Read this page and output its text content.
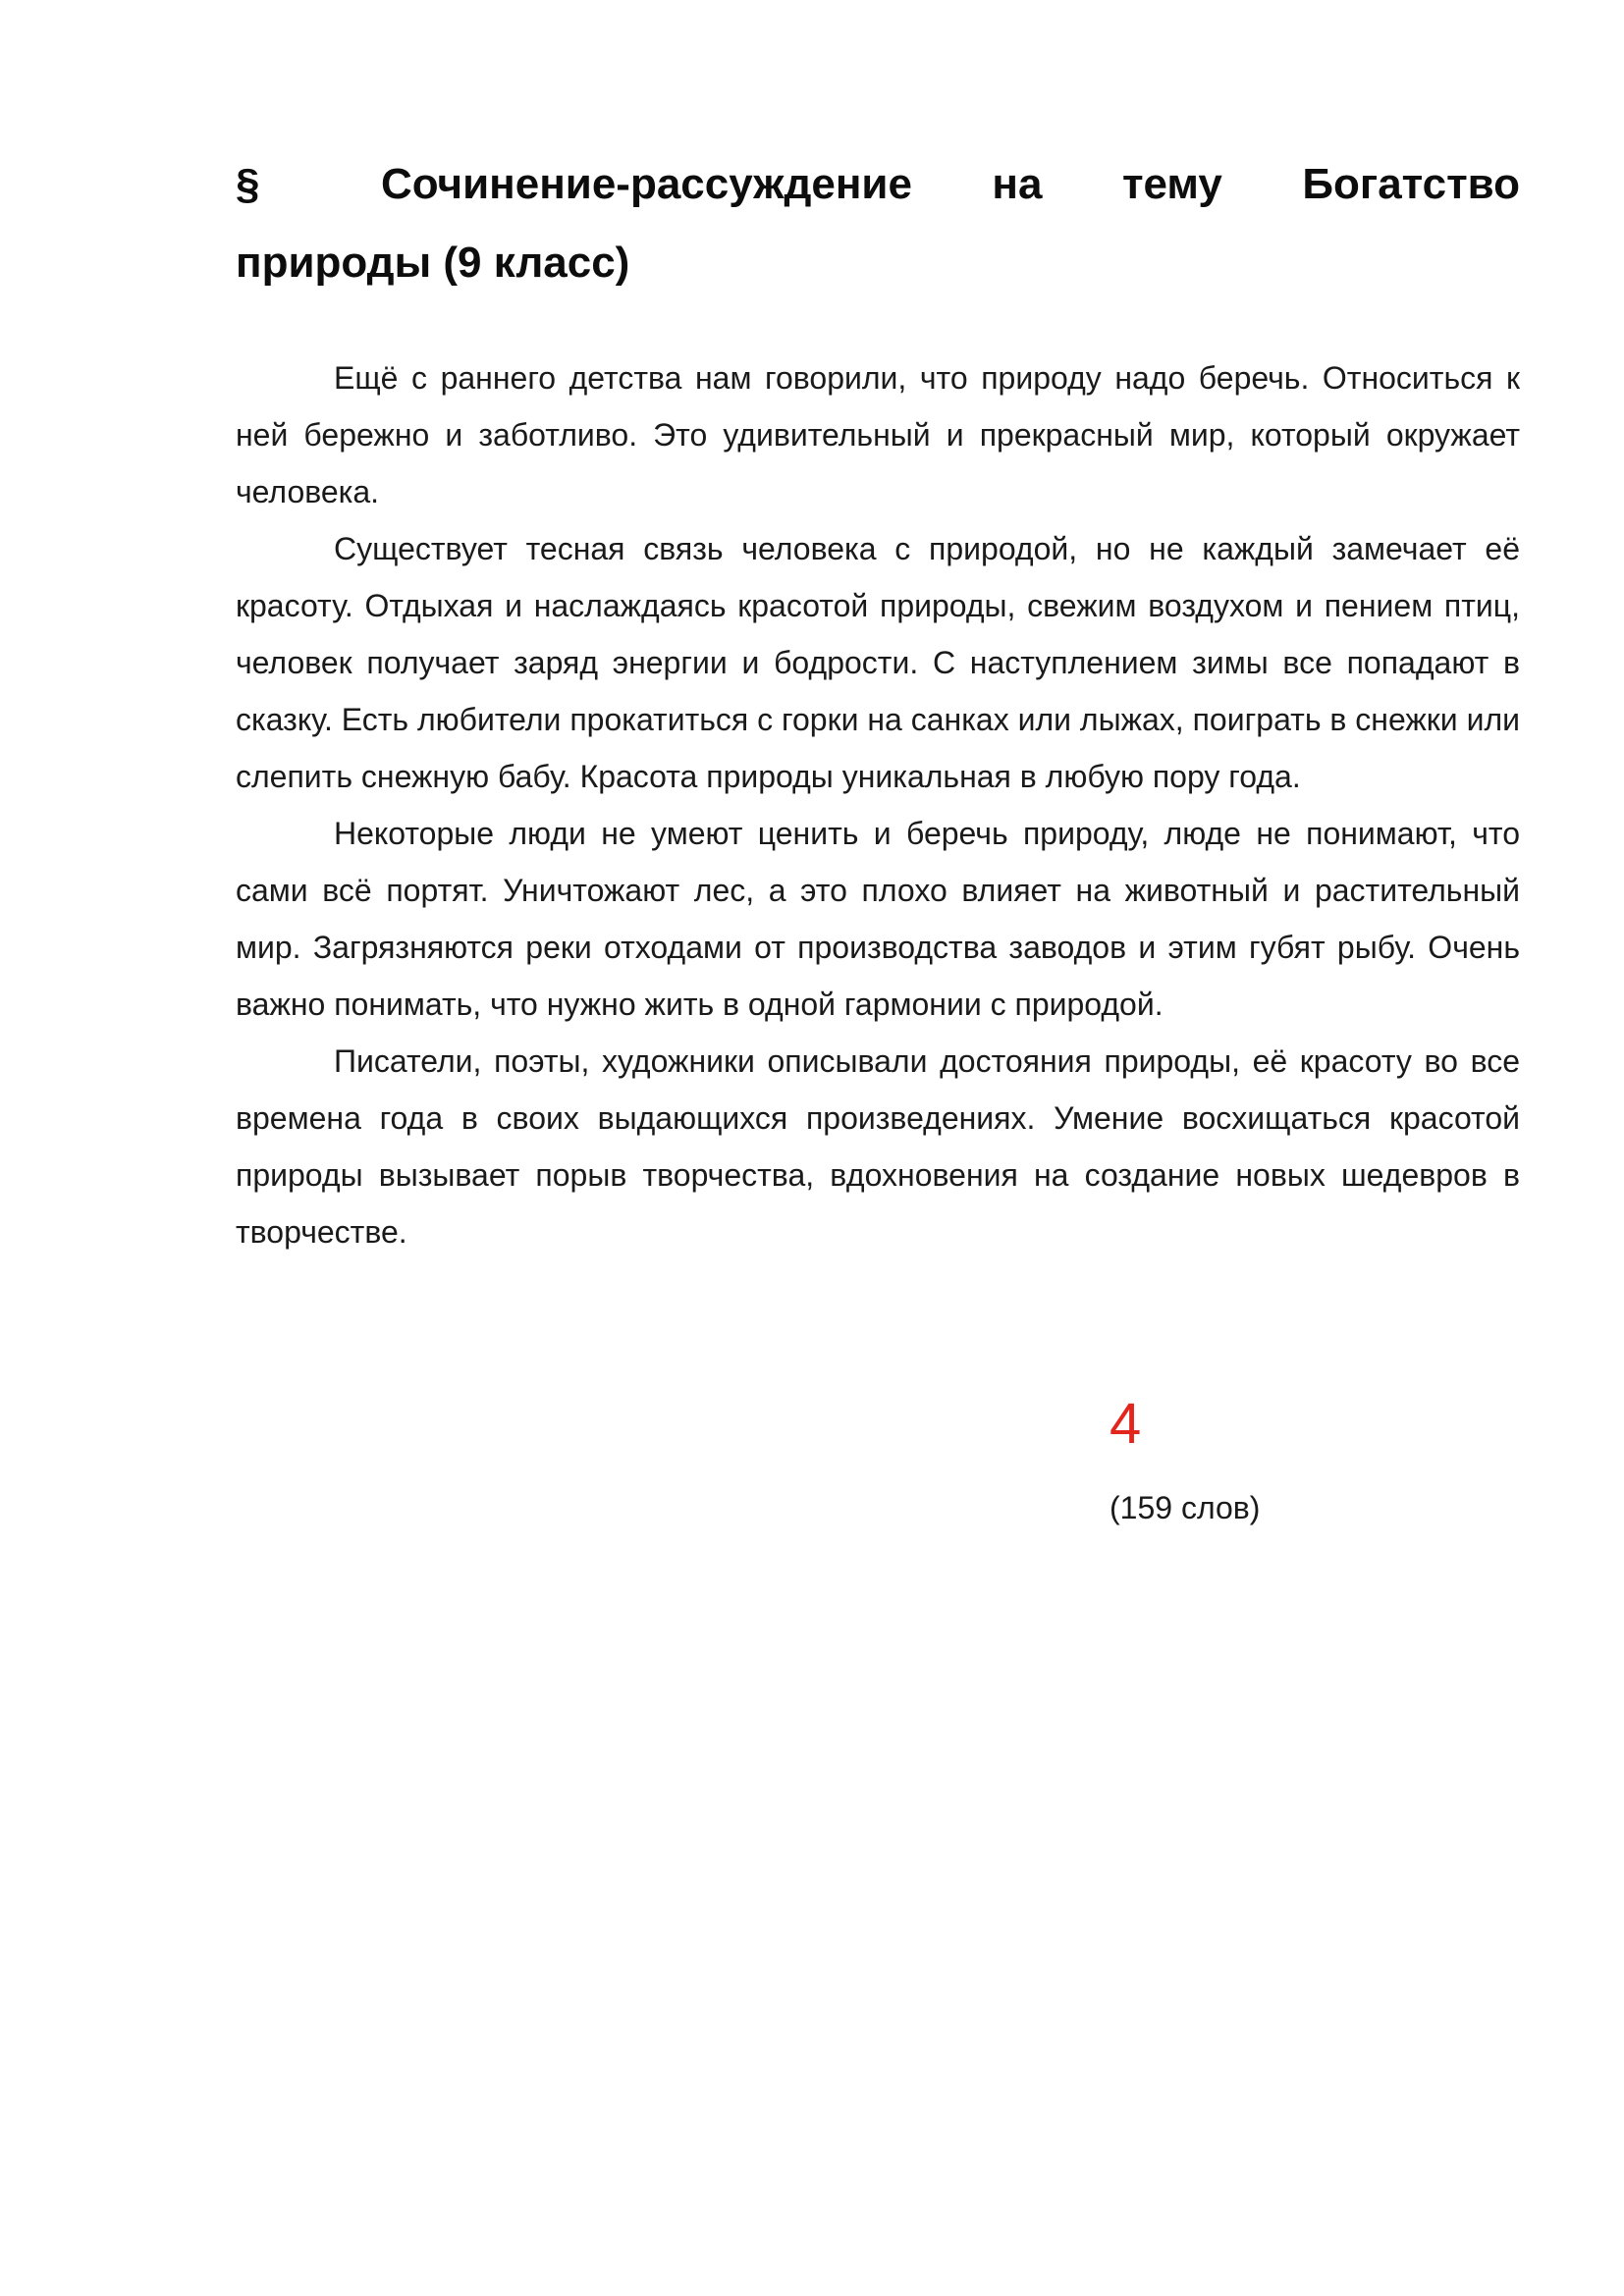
§	Сочинение-рассуждение на тему Богатство природы (9 класс)

Ещё с раннего детства нам говорили, что природу надо беречь. Относиться к ней бережно и заботливо. Это удивительный и прекрасный мир, который окружает человека.

Существует тесная связь человека с природой, но не каждый замечает её красоту. Отдыхая и наслаждаясь красотой природы, свежим воздухом и пением птиц, человек получает заряд энергии и бодрости. С наступлением зимы все попадают в сказку. Есть любители прокатиться с горки на санках или лыжах, поиграть в снежки или слепить снежную бабу. Красота природы уникальная в любую пору года.

Некоторые люди не умеют ценить и беречь природу, люде не понимают, что сами всё портят. Уничтожают лес, а это плохо влияет на животный и растительный мир. Загрязняются реки отходами от производства заводов и этим губят рыбу. Очень важно понимать, что нужно жить в одной гармонии с природой.

Писатели, поэты, художники описывали достояния природы, её красоту во все времена года в своих выдающихся произведениях. Умение восхищаться красотой природы вызывает порыв творчества, вдохновения на создание новых шедевров в творчестве.

4
(159 слов)
